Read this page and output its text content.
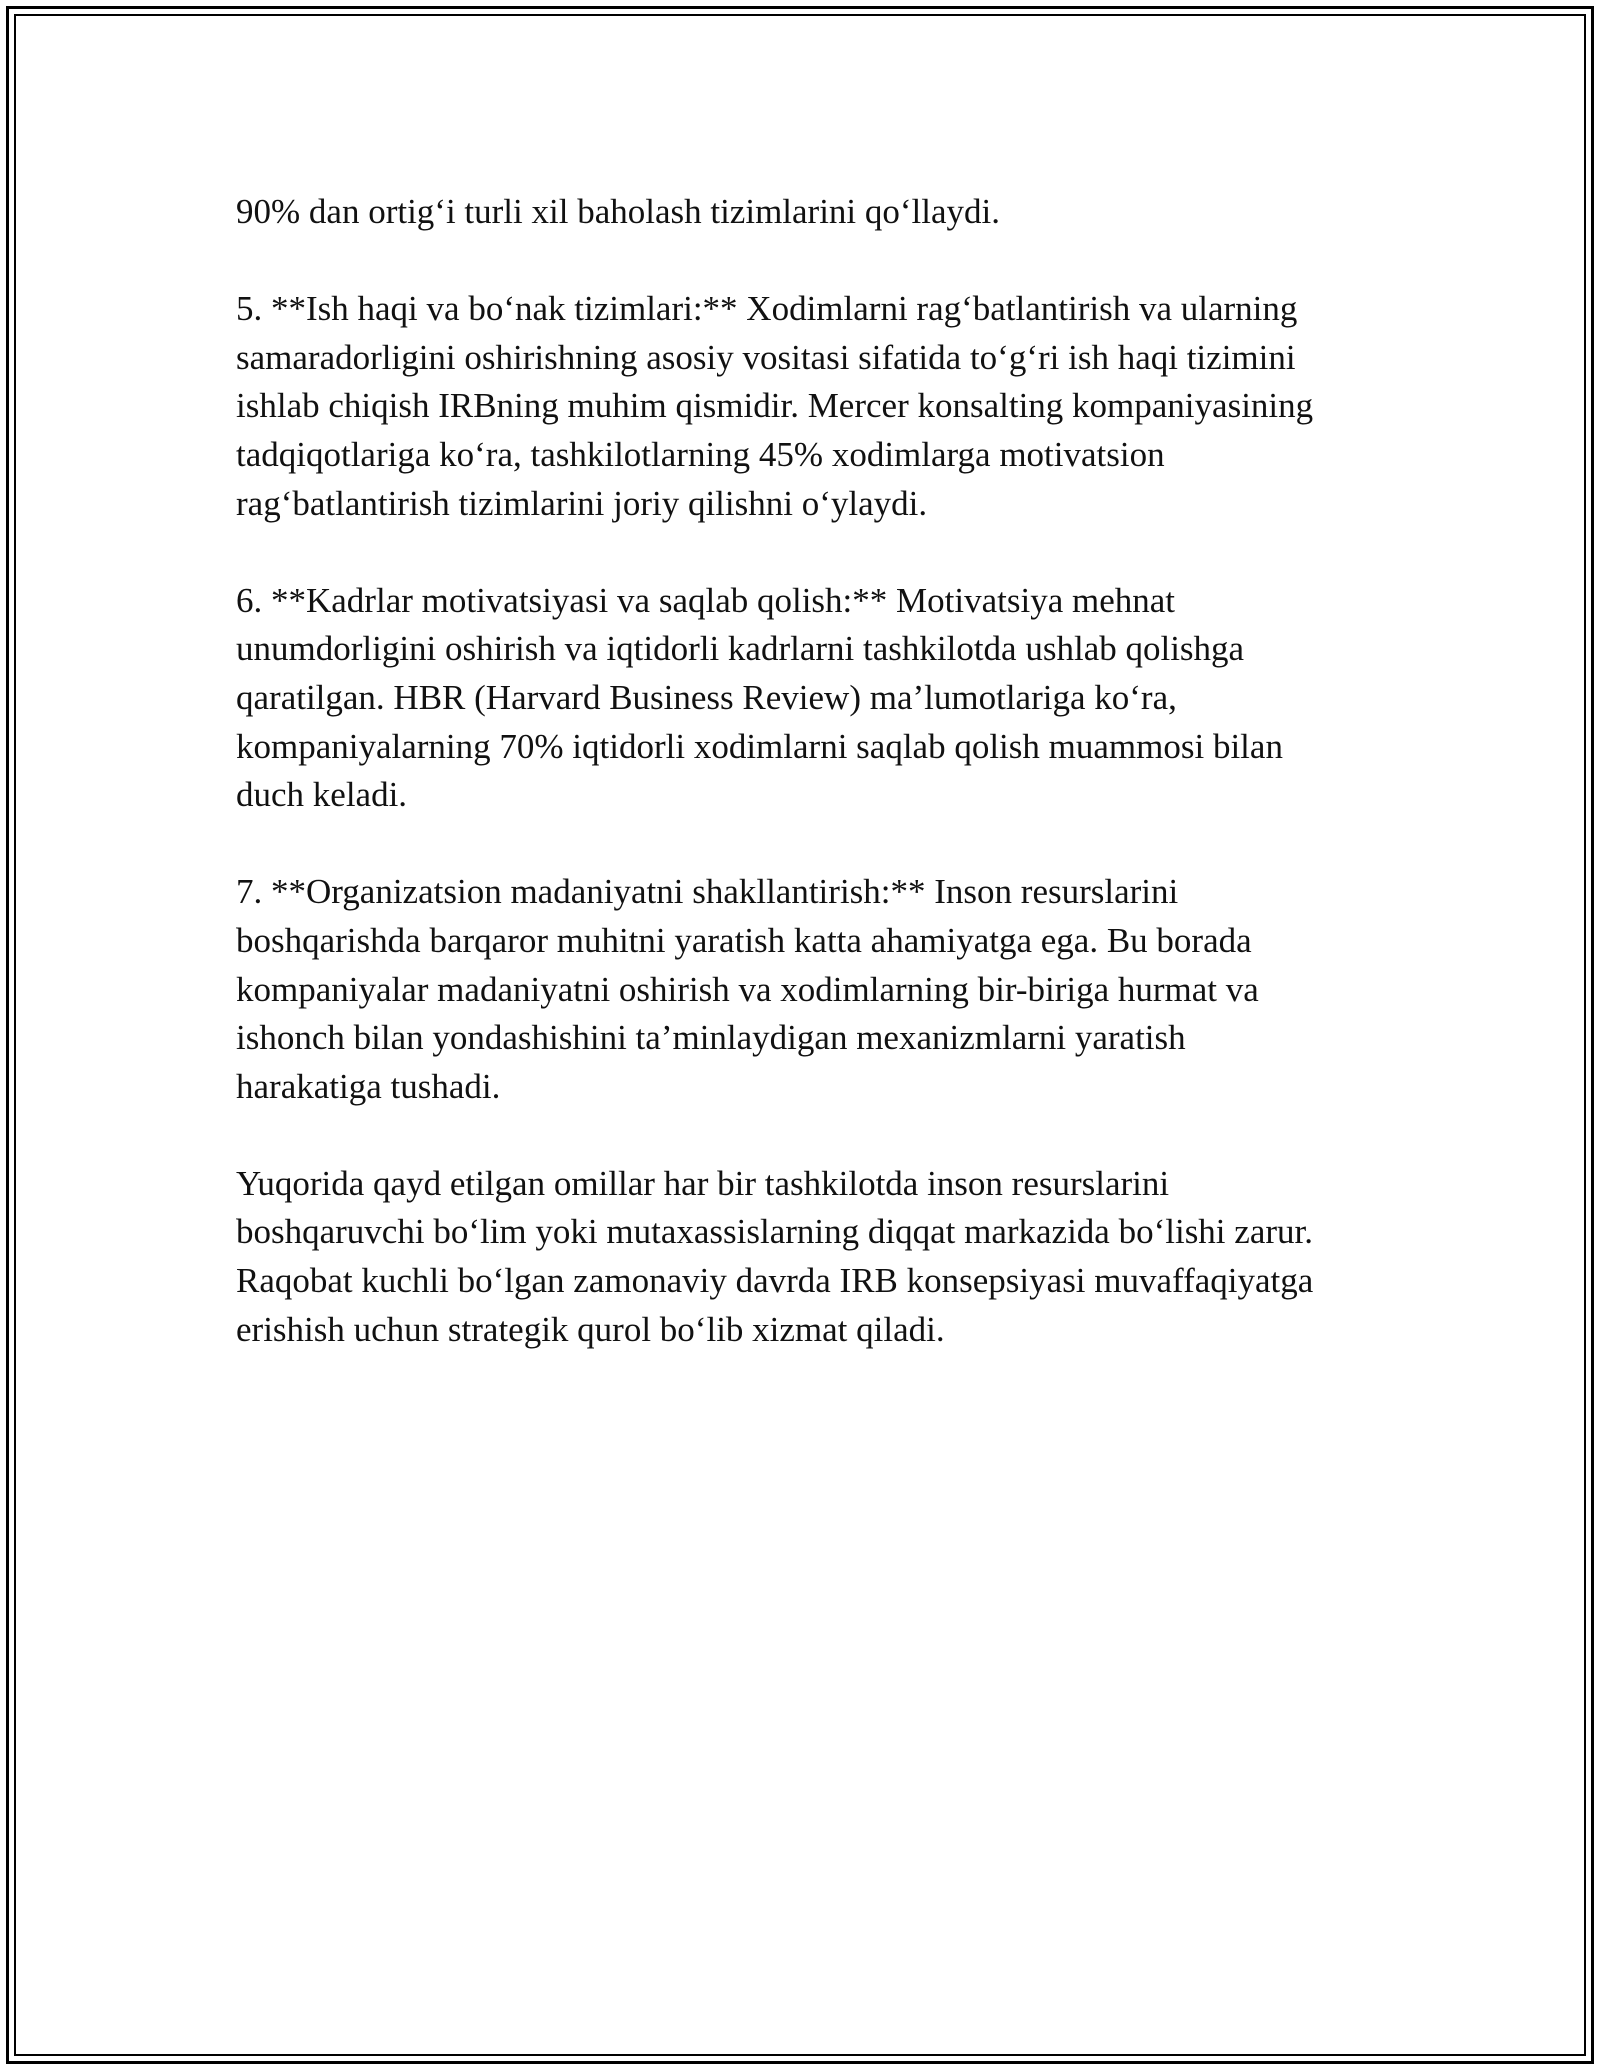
90% dan ortig‘i turli xil baholash tizimlarini qo‘llaydi.

5. **Ish haqi va bo‘nak tizimlari:** Xodimlarni rag‘batlantirish va ularning
samaradorligini oshirishning asosiy vositasi sifatida to‘g‘ri ish haqi tizimini
ishlab chiqish IRBning muhim qismidir. Mercer konsalting kompaniyasining
tadqiqotlariga ko‘ra, tashkilotlarning 45% xodimlarga motivatsion
rag‘batlantirish tizimlarini joriy qilishni o‘ylaydi.

6. **Kadrlar motivatsiyasi va saqlab qolish:** Motivatsiya mehnat
unumdorligini oshirish va iqtidorli kadrlarni tashkilotda ushlab qolishga
qaratilgan. HBR (Harvard Business Review) ma’lumotlariga ko‘ra,
kompaniyalarning 70% iqtidorli xodimlarni saqlab qolish muammosi bilan
duch keladi.

7. **Organizatsion madaniyatni shakllantirish:** Inson resurslarini
boshqarishda barqaror muhitni yaratish katta ahamiyatga ega. Bu borada
kompaniyalar madaniyatni oshirish va xodimlarning bir-biriga hurmat va
ishonch bilan yondashishini ta’minlaydigan mexanizmlarni yaratish
harakatiga tushadi.

Yuqorida qayd etilgan omillar har bir tashkilotda inson resurslarini
boshqaruvchi bo‘lim yoki mutaxassislarning diqqat markazida bo‘lishi zarur.
Raqobat kuchli bo‘lgan zamonaviy davrda IRB konsepsiyasi muvaffaqiyatga
erishish uchun strategik qurol bo‘lib xizmat qiladi.
